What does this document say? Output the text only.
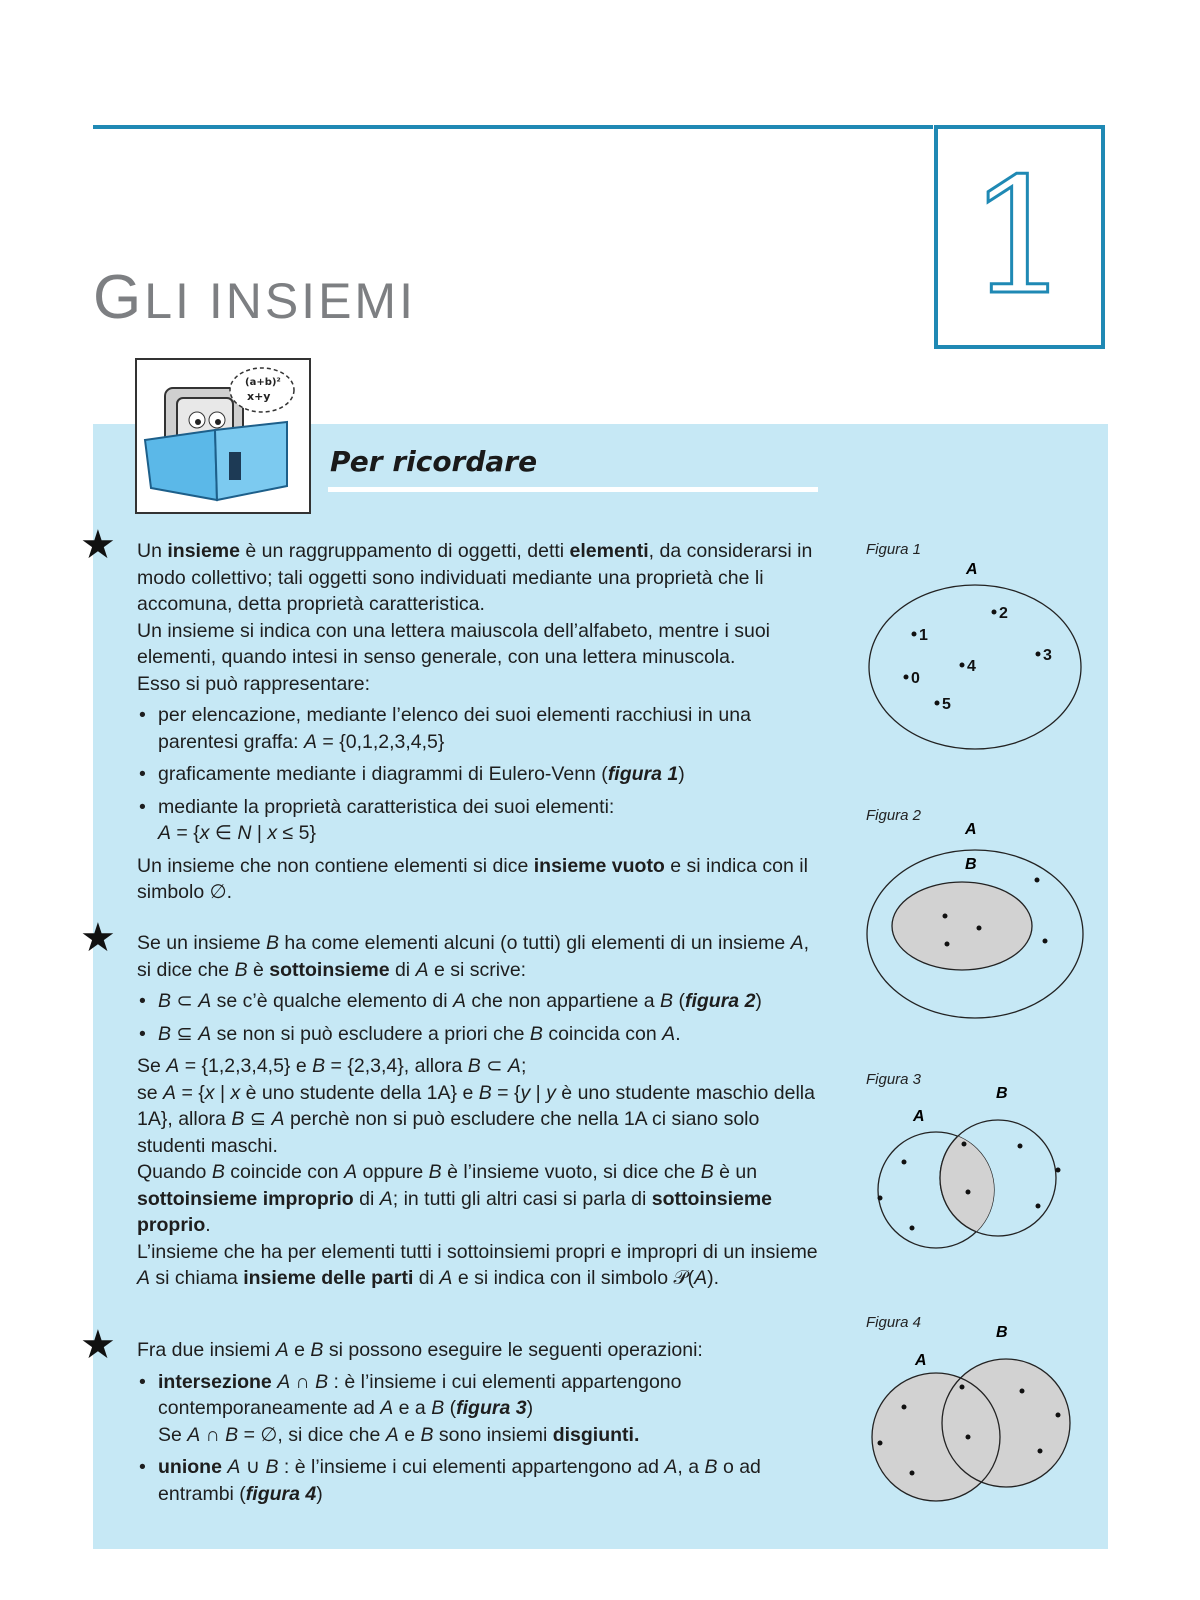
1
GLI INSIEMI
(a+b)²
x+y
Per ricordare
★
★
★

Un insieme è un raggruppamento di oggetti, detti elementi, da considerarsi in modo collettivo; tali oggetti sono individuati mediante una proprietà che li accomuna, detta proprietà caratteristica.

Un insieme si indica con una lettera maiuscola dell’alfabeto, mentre i suoi elementi, quando intesi in senso generale, con una lettera minuscola.

Esso si può rappresentare:

• per elencazione, mediante l’elenco dei suoi elementi racchiusi in una parentesi graffa: A = {0,1,2,3,4,5}
• graficamente mediante i diagrammi di Eulero-Venn (figura 1)
• mediante la proprietà caratteristica dei suoi elementi:
A = {x ∈ N | x ≤ 5}

Un insieme che non contiene elementi si dice insieme vuoto e si indica con il simbolo ∅.

Se un insieme B ha come elementi alcuni (o tutti) gli elementi di un insieme A, si dice che B è sottoinsieme di A e si scrive:

• B ⊂ A se c’è qualche elemento di A che non appartiene a B (figura 2)
• B ⊆ A se non si può escludere a priori che B coincida con A.

Se A = {1,2,3,4,5} e B = {2,3,4}, allora B ⊂ A;

se A = {x | x è uno studente della 1A} e B = {y | y è uno studente maschio della 1A}, allora B ⊆ A perchè non si può escludere che nella 1A ci siano solo studenti maschi.

Quando B coincide con A oppure B è l’insieme vuoto, si dice che B è un sottoinsieme improprio di A; in tutti gli altri casi si parla di sottoinsieme proprio.

L’insieme che ha per elementi tutti i sottoinsiemi propri e impropri di un insieme A si chiama insieme delle parti di A e si indica con il simbolo 𝒫(A).

Fra due insiemi A e B si possono eseguire le seguenti operazioni:

• intersezione A ∩ B : è l’insieme i cui elementi appartengono contemporaneamente ad A e a B (figura 3)
Se A ∩ B = ∅, si dice che A e B sono insiemi disgiunti.
• unione A ∪ B : è l’insieme i cui elementi appartengono ad A, a B o ad entrambi (figura 4)
Figura 1
A
1
2
3
4
0
5
Figura 2
A
B
Figura 3
A
B
Figura 4
A
B
